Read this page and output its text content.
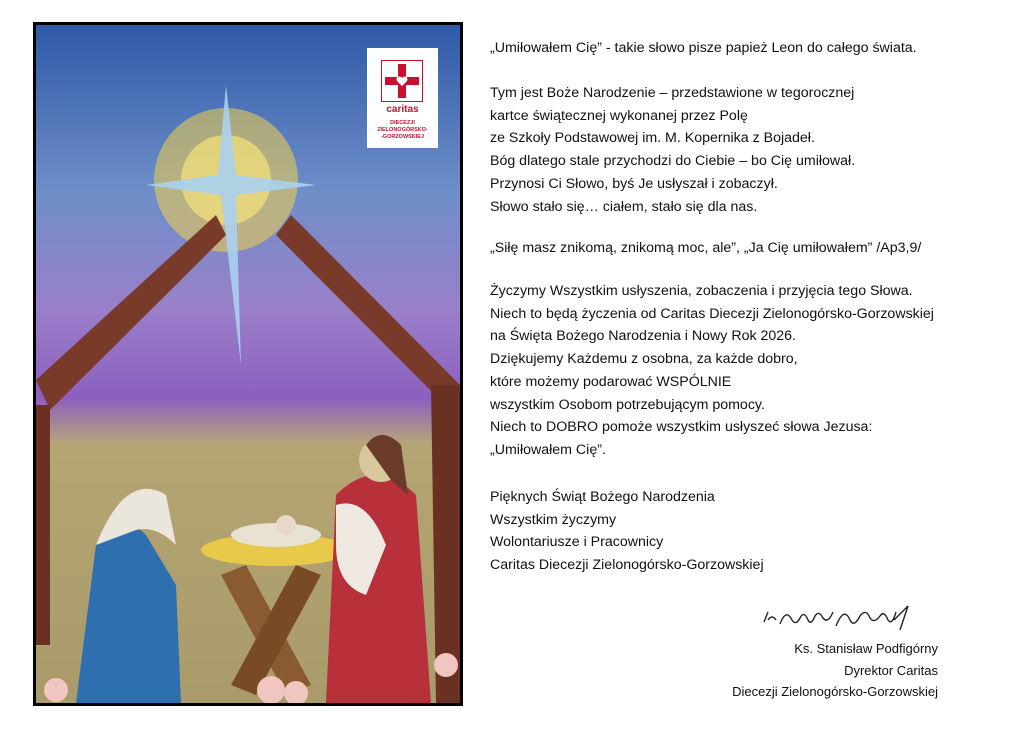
caritas
DIECEZJI
ZIELONOGÓRSKO-
-GORZOWSKIEJ
„Umiłowałem Cię” - takie słowo pisze papież Leon do całego świata.
Tym jest Boże Narodzenie – przedstawione w tegorocznej
kartce świątecznej wykonanej przez Polę
ze Szkoły Podstawowej im. M. Kopernika z Bojadeł.
Bóg dlatego stale przychodzi do Ciebie – bo Cię umiłował.
Przynosi Ci Słowo, byś Je usłyszał i zobaczył.
Słowo stało się… ciałem, stało się dla nas.
„Siłę masz znikomą, znikomą moc, ale”, „Ja Cię umiłowałem” /Ap3,9/
Życzymy Wszystkim usłyszenia, zobaczenia i przyjęcia tego Słowa.
Niech to będą życzenia od Caritas Diecezji Zielonogórsko-Gorzowskiej
na Święta Bożego Narodzenia i Nowy Rok 2026.
Dziękujemy Każdemu z osobna, za każde dobro,
które możemy podarować WSPÓLNIE
wszystkim Osobom potrzebującym pomocy.
Niech to DOBRO pomoże wszystkim usłyszeć słowa Jezusa:
„Umiłowałem Cię”.
Pięknych Świąt Bożego Narodzenia
Wszystkim życzymy
Wolontariusze i Pracownicy
Caritas Diecezji Zielonogórsko-Gorzowskiej
Ks. Stanisław Podfigórny
Dyrektor Caritas
Diecezji Zielonogórsko-Gorzowskiej
